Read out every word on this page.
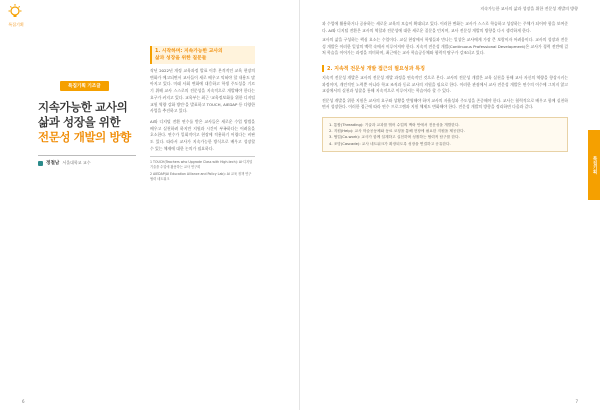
특집기획
지속가능한 교사의 삶과 성장을 위한 전문성 개발의 방향
특집기획 기조글
지속가능한 교사의
삶과 성장을 위한
전문성 개발의 방향
정철남 서울대학교 교수
1. 시작하며: 지속가능한 교사의
삶과 성장을 위한 질문들

작년 2022년 개정 교육과정 발표 이후 본격적인 교육 현장의 변화가 예고되면서 교사들이 새로 배우고 익혀야 할 내용도 많아지고 있다. 미래 사회 변화에 대응하고 학생 주도성을 기르기 위해 교사 스스로의 전문성을 지속적으로 개발해야 한다는 요구가 커지고 있다. 교육부는 최근 '교육정보화를 위한 디지털 교원 역량 강화 방안'을 발표하고 TOUCH, AIEDAP 등 다양한 사업을 추진하고 있다.

AI와 디지털 전환 연수를 받은 교사들은 새로운 수업 방법을 배우고 실천하려 하지만 지원과 시간이 부족하다는 어려움을 호소한다. 연수가 일회적이고 현장에 적용하기 어렵다는 비판도 있다. 따라서 교사가 지속가능한 방식으로 배우고 성장할 수 있는 체제에 대한 논의가 필요하다.

1 TOUCH(Teachers who Upgrade Class with High-tech): AI·디지털 기술을 수업에 활용하는 교사 연구회

2 AIEDAP(AI Education Alliance and Policy Lab): AI 교육 정책 연구 협력 네트워크

과 수업에 활용하거나 공유하는 새로운 교육의 모습이 확대되고 있다. 이러한 변화는 교사가 스스로 학습하고 성장하는 주체가 되어야 함을 보여준다. AI와 디지털 전환은 교사의 역할과 전문성에 대한 새로운 질문을 던지며, 교사 전문성 개발의 방향을 다시 생각하게 한다.

교사의 삶을 구성하는 핵심 요소는 수업이다. 교실 현장에서 학생들과 만나는 일상은 교사에게 가장 큰 보람이자 어려움이다. 교사의 성장과 전문성 개발은 이러한 일상의 맥락 속에서 이루어져야 한다. 지속적 전문성 개발(Continuous Professional Development)은 교사가 경력 전반에 걸쳐 학습을 이어가는 과정을 의미하며, 최근에는 교사 학습공동체와 협력적 탐구가 강조되고 있다.

2. 지속적 전문성 개발 접근의 필요성과 특징

지속적 전문성 개발은 교사의 전문성 개발 과정을 연속적인 것으로 본다. 교사의 전문성 개발은 교육 실천을 통해 교사 자신의 역량을 향상시키는 과정이며, 개인적인 노력뿐 아니라 학교 조직과 동료 교사의 지원을 필요로 한다. 이러한 관점에서 교사 전문성 개발은 연수의 이수에 그치지 않고 교실에서의 실천과 성찰을 통해 지속적으로 이루어지는 학습이라 할 수 있다.

전문성 개발을 위한 지원은 교사의 요구와 상황을 반영해야 하며 교사의 자율성과 주도성을 존중해야 한다. 교사는 협력적으로 배우고 함께 실천하면서 성장한다. 이러한 접근에 따라 연수 프로그램과 지원 체제도 변화해야 한다. 전문성 개발의 방향을 정리하면 다음과 같다.

1. 통합(Threading): 기술과 교과를 엮어 수업의 맥락 안에서 전문성을 개발한다.

2. 지원(Help): 교사 학습공동체와 동료 코칭을 통해 현장에 필요한 지원을 제공한다.

3. 협업(Co-work): 교사가 함께 설계하고 실천하며 성찰하는 협력적 탐구를 한다.

4. 조망(Cascade): 교사 네트워크가 확장되도록 성장을 연결하고 공유한다.

특집기획
6	7
